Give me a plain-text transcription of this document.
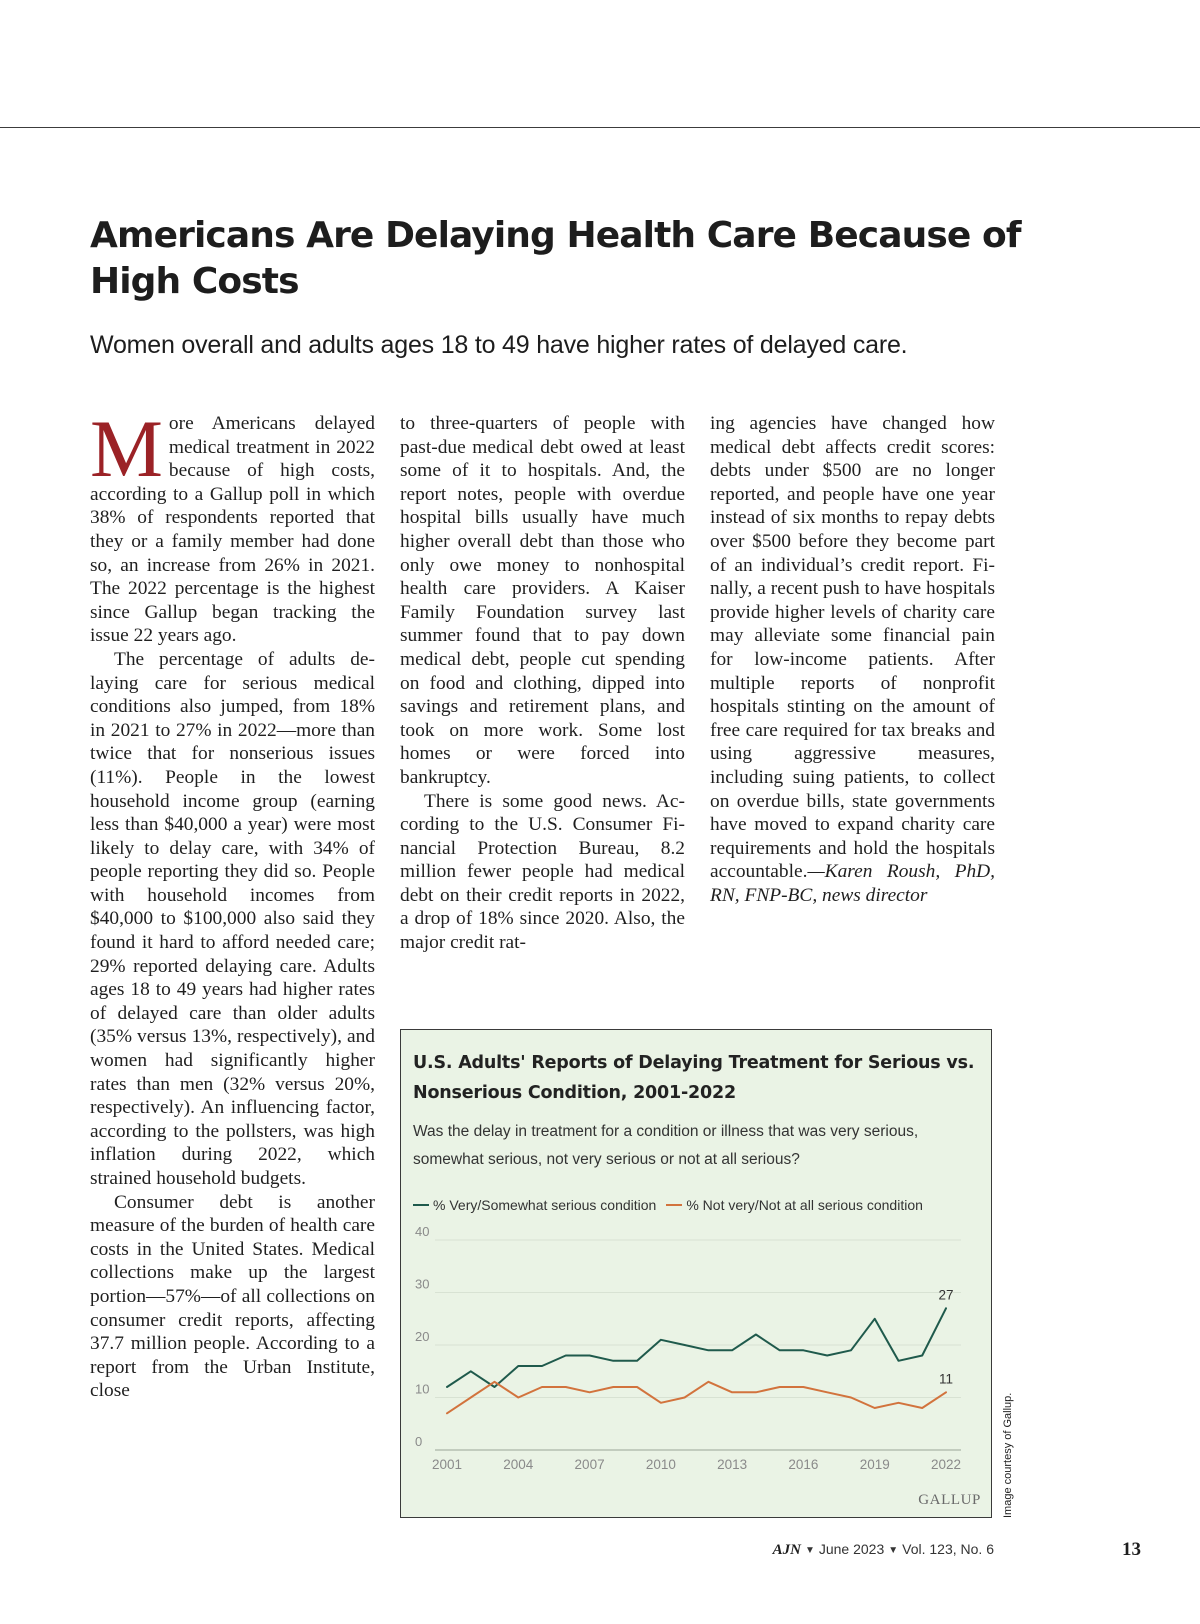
Americans Are Delaying Health Care Because of High Costs

Women overall and adults ages 18 to 49 have higher rates of delayed care.

More Americans delayed medical treatment in 2022 because of high costs, according to a Gallup poll in which 38% of respondents reported that they or a family member had done so, an increase from 26% in 2021. The 2022 percentage is the highest since Gallup began tracking the issue 22 years ago.

The percentage of adults delaying care for serious medical conditions also jumped, from 18% in 2021 to 27% in 2022—more than twice that for nonserious issues (11%). People in the lowest household income group (earning less than $40,000 a year) were most likely to delay care, with 34% of people reporting they did so. People with household incomes from $40,000 to $100,000 also said they found it hard to afford needed care; 29% reported delaying care. Adults ages 18 to 49 years had higher rates of delayed care than older adults (35% versus 13%, respectively), and women had significantly higher rates than men (32% versus 20%, respectively). An influencing factor, according to the pollsters, was high inflation during 2022, which strained household budgets.

Consumer debt is another measure of the burden of health care costs in the United States. Medical collections make up the largest portion—57%—of all collections on consumer credit reports, affecting 37.7 million people. According to a report from the Urban Institute, close

to three-quarters of people with past-due medical debt owed at least some of it to hospitals. And, the report notes, people with overdue hospital bills usually have much higher overall debt than those who only owe money to nonhospital health care providers. A Kaiser Family Foundation survey last summer found that to pay down medical debt, people cut spending on food and clothing, dipped into savings and retirement plans, and took on more work. Some lost homes or were forced into bankruptcy.

There is some good news. According to the U.S. Consumer Financial Protection Bureau, 8.2 million fewer people had medical debt on their credit reports in 2022, a drop of 18% since 2020. Also, the major credit rat-

ing agencies have changed how medical debt affects credit scores: debts under $500 are no longer reported, and people have one year instead of six months to repay debts over $500 before they become part of an individual’s credit report. Finally, a recent push to have hospitals provide higher levels of charity care may alleviate some financial pain for low-income patients. After multiple reports of nonprofit hospitals stinting on the amount of free care required for tax breaks and using aggressive measures, including suing patients, to collect on overdue bills, state governments have moved to expand charity care requirements and hold the hospitals accountable.—Karen Roush, PhD, RN, FNP-BC, news director

0
10
20
30
40
2001	2004	2007	2010	2013	2016	2019	2022
27
11

U.S. Adults' Reports of Delaying Treatment for Serious vs. Nonserious Condition, 2001-2022

Was the delay in treatment for a condition or illness that was very serious, somewhat serious, not very serious or not at all serious?

% Very/Somewhat serious condition % Not very/Not at all serious condition
GALLUP Image courtesy of Gallup.
AJN ▼ June 2023 ▼ Vol. 123, No. 6	13
